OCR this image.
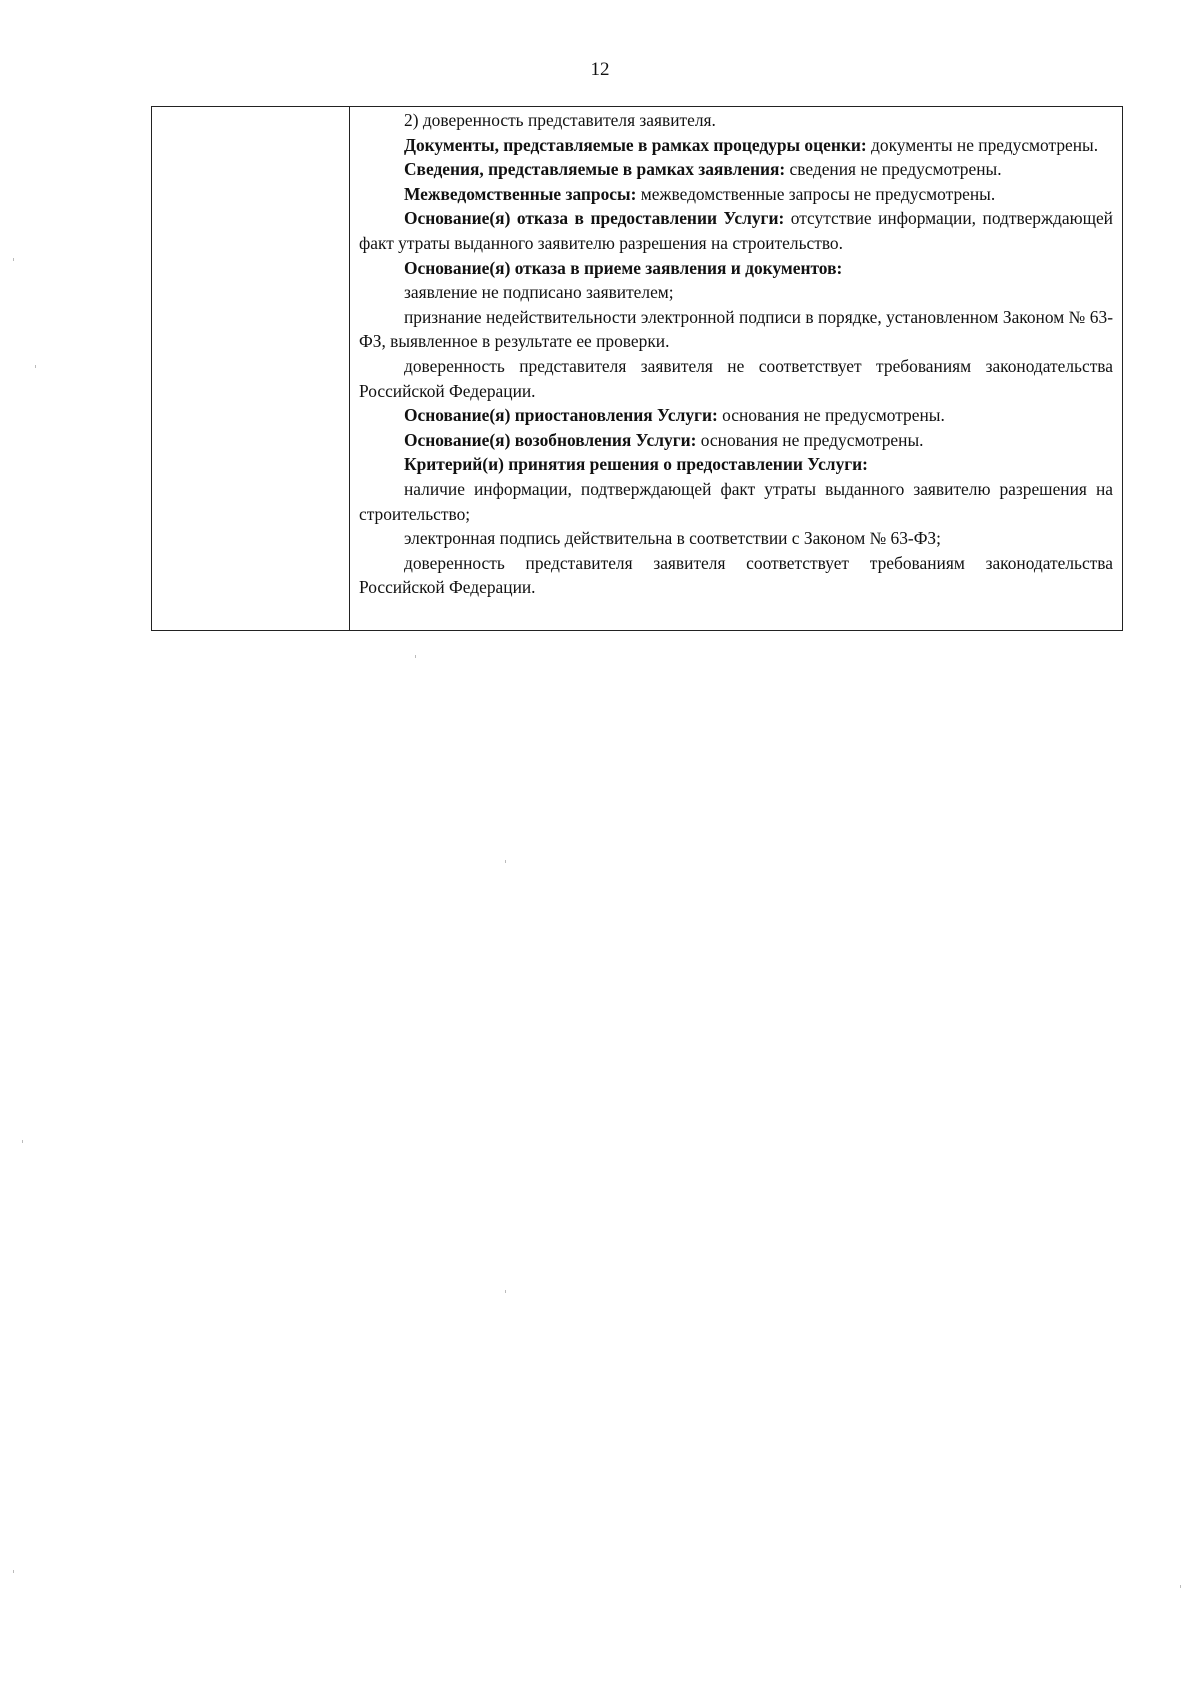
12

2) доверенность представителя заявителя.

Документы, представляемые в рамках процедуры оценки: документы не предусмотрены.

Сведения, представляемые в рамках заявления: сведения не предусмотрены.

Межведомственные запросы: межведомственные запросы не предусмотрены.

Основание(я) отказа в предоставлении Услуги: отсутствие информации, подтверждающей факт утраты выданного заявителю разрешения на строительство.

Основание(я) отказа в приеме заявления и документов:

заявление не подписано заявителем;

признание недействительности электронной подписи в порядке, установленном Законом № 63-ФЗ, выявленное в результате ее проверки.

доверенность представителя заявителя не соответствует требованиям законодательства Российской Федерации.

Основание(я) приостановления Услуги: основания не предусмотрены.

Основание(я) возобновления Услуги: основания не предусмотрены.

Критерий(и) принятия решения о предоставлении Услуги:

наличие информации, подтверждающей факт утраты выданного заявителю разрешения на строительство;

электронная подпись действительна в соответствии с Законом № 63-ФЗ;

доверенность представителя заявителя соответствует требованиям законодательства Российской Федерации.
